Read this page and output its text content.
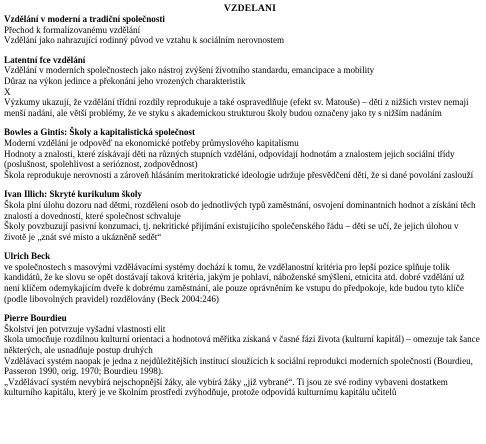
VZDELANI

Vzdělání v moderní a tradiční společnosti

Přechod k formalizovanému vzdělání

Vzdělání jako nahrazující rodinný původ ve vztahu k sociálním nerovnostem

Latentní fce vzdělání

Vzdělání v moderních společnostech jako nástroj zvýšení životního standardu, emancipace a mobility

Důraz na výkon jedince a překonání jeho vrozených charakteristik

X

Výzkumy ukazují, že vzdělání třídní rozdíly reprodukuje a také ospravedlňuje (efekt sv. Matouše) – děti z nižších vrstev nemají menší nadání, ale větší problémy, že ve styku s akademickou strukturou školy budou označeny jako ty s nižším nadáním

Bowles a Gintis: Školy a kapitalistická společnost

Moderní vzdělání je odpověď na ekonomické potřeby průmyslového kapitalismu

Hodnoty a znalosti, které získávají děti na různých stupních vzdělání, odpovídají hodnotám a znalostem jejich sociální třídy (poslušnost, spolehlivost a serióznost, zodpovědnost)

Škola reprodukuje nerovnosti a zároveň hlásáním meritokratické ideologie udržuje přesvědčení dětí, že si dané povolání zaslouží

Ivan Illich: Skryté kurikulum školy

Škola plní úlohu dozoru nad dětmi, rozdělení osob do jednotlivých typů zaměstnání, osvojení dominantních hodnot a získání těch znalostí a dovedností, které společnost schvaluje

Školy povzbuzují pasivní konzumaci, tj. nekritické přijímání existujícího společenského řádu – děti se učí, že jejich úlohou v životě je „znát své místo a ukázněně sedět“

Ulrich Beck

ve společnostech s masovými vzdělávacími systémy dochází k tomu, že vzdělanostní kritéria pro lepší pozice splňuje tolik kandidátů, že ke slovu se opět dostávají taková kritéria, jakým je pohlaví, náboženské smýšlení, etnicita atd. dobré vzdělání už není klíčem odemykajícím dveře k dobrému zaměstnání, ale pouze oprávněním ke vstupu do předpokoje, kde budou tyto klíče (podle libovolných pravidel) rozdělovány (Beck 2004:246)

Pierre Bourdieu

Školství jen potvrzuje vyšadní vlastnosti elit

škola umocňuje rozdílnou kulturní orientaci a hodnotová měřítka získaná v časné fázi života (kulturní kapitál) – omezuje tak šance některých, ale usnadňuje postup druhých

Vzdělávací systém naopak je jedna z nejdůležitějších institucí sloužících k sociální reprodukci moderních společností (Bourdieu, Passeron 1990, orig. 1970; Bourdieu 1998).

„Vzdělávací systém nevybírá nejschopnější žáky, ale vybírá žáky „již vybrané“. Ti jsou ze své rodiny vybaveni dostatkem kulturního kapitálu, který je ve školním prostředí zvýhodňuje, protože odpovídá kulturnímu kapitálu učitelů
